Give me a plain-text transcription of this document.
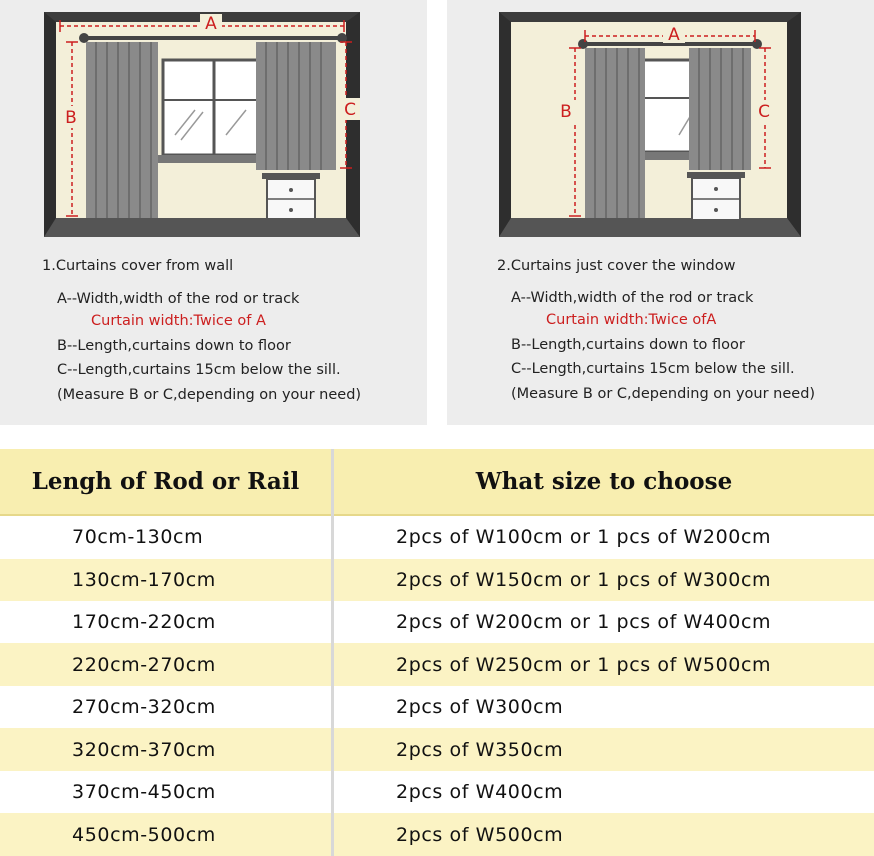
A
B	C
1.Curtains cover from wall
A--Width,width of the rod or track
Curtain width:Twice of A
B--Length,curtains down to floor
C--Length,curtains 15cm below the sill.
(Measure B or C,depending on your need)
A
B	C
2.Curtains just cover the window
A--Width,width of the rod or track
Curtain width:Twice ofA
B--Length,curtains down to floor
C--Length,curtains 15cm below the sill.
(Measure B or C,depending on your need)
Lengh of Rod or Rail	What size to choose
70cm-130cm	2pcs of W100cm or 1 pcs of W200cm
130cm-170cm	2pcs of W150cm or 1 pcs of W300cm
170cm-220cm	2pcs of W200cm or 1 pcs of W400cm
220cm-270cm	2pcs of W250cm or 1 pcs of W500cm
270cm-320cm	2pcs of W300cm
320cm-370cm	2pcs of W350cm
370cm-450cm	2pcs of W400cm
450cm-500cm	2pcs of W500cm
